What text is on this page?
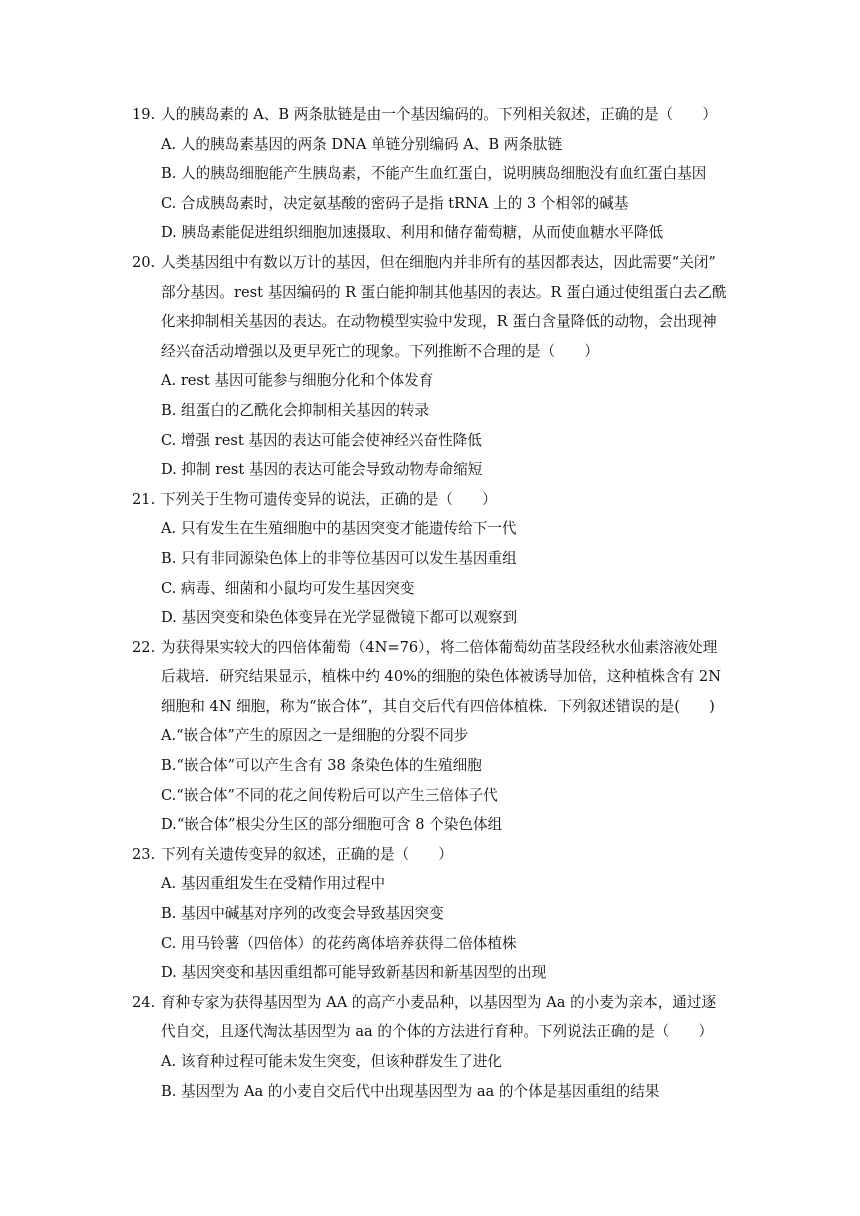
19. 人的胰岛素的 A、B 两条肽链是由一个基因编码的。下列相关叙述，正确的是（　　）
A. 人的胰岛素基因的两条 DNA 单链分别编码 A、B 两条肽链
B. 人的胰岛细胞能产生胰岛素，不能产生血红蛋白，说明胰岛细胞没有血红蛋白基因
C. 合成胰岛素时，决定氨基酸的密码子是指 tRNA 上的 3 个相邻的碱基
D. 胰岛素能促进组织细胞加速摄取、利用和储存葡萄糖，从而使血糖水平降低
20. 人类基因组中有数以万计的基因，但在细胞内并非所有的基因都表达，因此需要“关闭”
部分基因。rest 基因编码的 R 蛋白能抑制其他基因的表达。R 蛋白通过使组蛋白去乙酰
化来抑制相关基因的表达。在动物模型实验中发现，R 蛋白含量降低的动物，会出现神
经兴奋活动增强以及更早死亡的现象。下列推断不合理的是（　　）
A. rest 基因可能参与细胞分化和个体发育
B. 组蛋白的乙酰化会抑制相关基因的转录
C. 增强 rest 基因的表达可能会使神经兴奋性降低
D. 抑制 rest 基因的表达可能会导致动物寿命缩短
21. 下列关于生物可遗传变异的说法，正确的是（　　）
A. 只有发生在生殖细胞中的基因突变才能遗传给下一代
B. 只有非同源染色体上的非等位基因可以发生基因重组
C. 病毒、细菌和小鼠均可发生基因突变
D. 基因突变和染色体变异在光学显微镜下都可以观察到
22. 为获得果实较大的四倍体葡萄（4N=76），将二倍体葡萄幼苗茎段经秋水仙素溶液处理
后栽培．研究结果显示，植株中约 40%的细胞的染色体被诱导加倍，这种植株含有 2N
细胞和 4N 细胞，称为“嵌合体”，其自交后代有四倍体植株．下列叙述错误的是(　　)
A.“嵌合体”产生的原因之一是细胞的分裂不同步
B.“嵌合体”可以产生含有 38 条染色体的生殖细胞
C.“嵌合体”不同的花之间传粉后可以产生三倍体子代
D.“嵌合体”根尖分生区的部分细胞可含 8 个染色体组
23. 下列有关遗传变异的叙述，正确的是（　　）
A. 基因重组发生在受精作用过程中
B. 基因中碱基对序列的改变会导致基因突变
C. 用马铃薯（四倍体）的花药离体培养获得二倍体植株
D. 基因突变和基因重组都可能导致新基因和新基因型的出现
24. 育种专家为获得基因型为 AA 的高产小麦品种，以基因型为 Aa 的小麦为亲本，通过逐
代自交，且逐代淘汰基因型为 aa 的个体的方法进行育种。下列说法正确的是（　　）
A. 该育种过程可能未发生突变，但该种群发生了进化
B. 基因型为 Aa 的小麦自交后代中出现基因型为 aa 的个体是基因重组的结果
